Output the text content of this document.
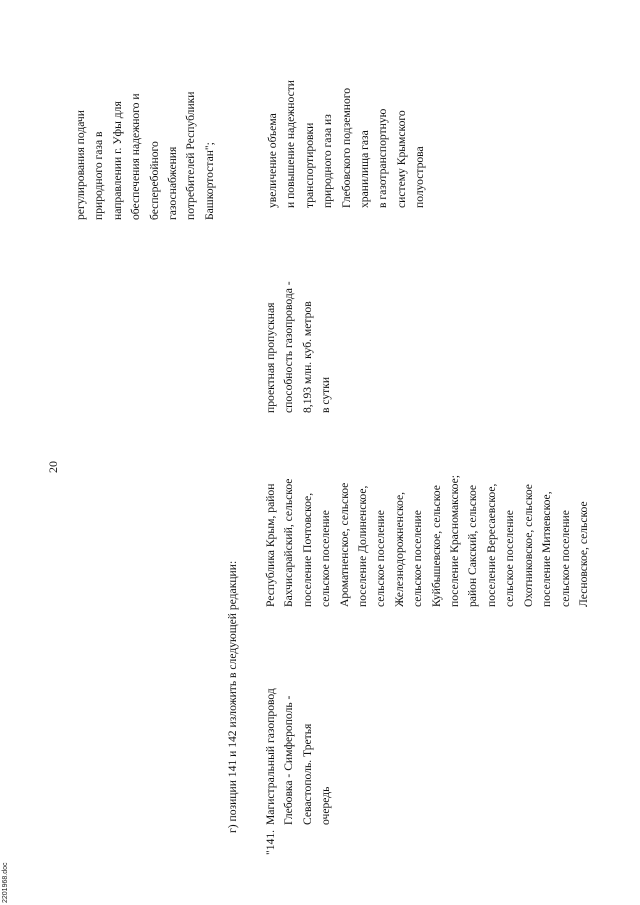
20
регулирования подачи природного газа в направлении г. Уфы для обеспечения надежного и бесперебойного газоснабжения потребителей Республики Башкортостан";
г) позиции 141 и 142 изложить в следующей редакции:
"141.
Магистральный газопровод Глебовка - Симферополь - Севастополь. Третья очередь
Республика Крым, район Бахчисарайский, сельское поселение Почтовское, сельское поселение Ароматненское, сельское поселение Долиненское, сельское поселение Железнодорожненское, сельское поселение Куйбышевское, сельское поселение Красномакское; район Сакский, сельское поселение Вересаевское, сельское поселение Охотниковское, сельское поселение Митяевское, сельское поселение Лесновское, сельское
проектная пропускная способность газопровода - 8,193 млн. куб. метров в сутки
увеличение объема и повышение надежности транспортировки природного газа из Глебовского подземного хранилища газа в газотранспортную систему Крымского полуострова
2201968.doc
